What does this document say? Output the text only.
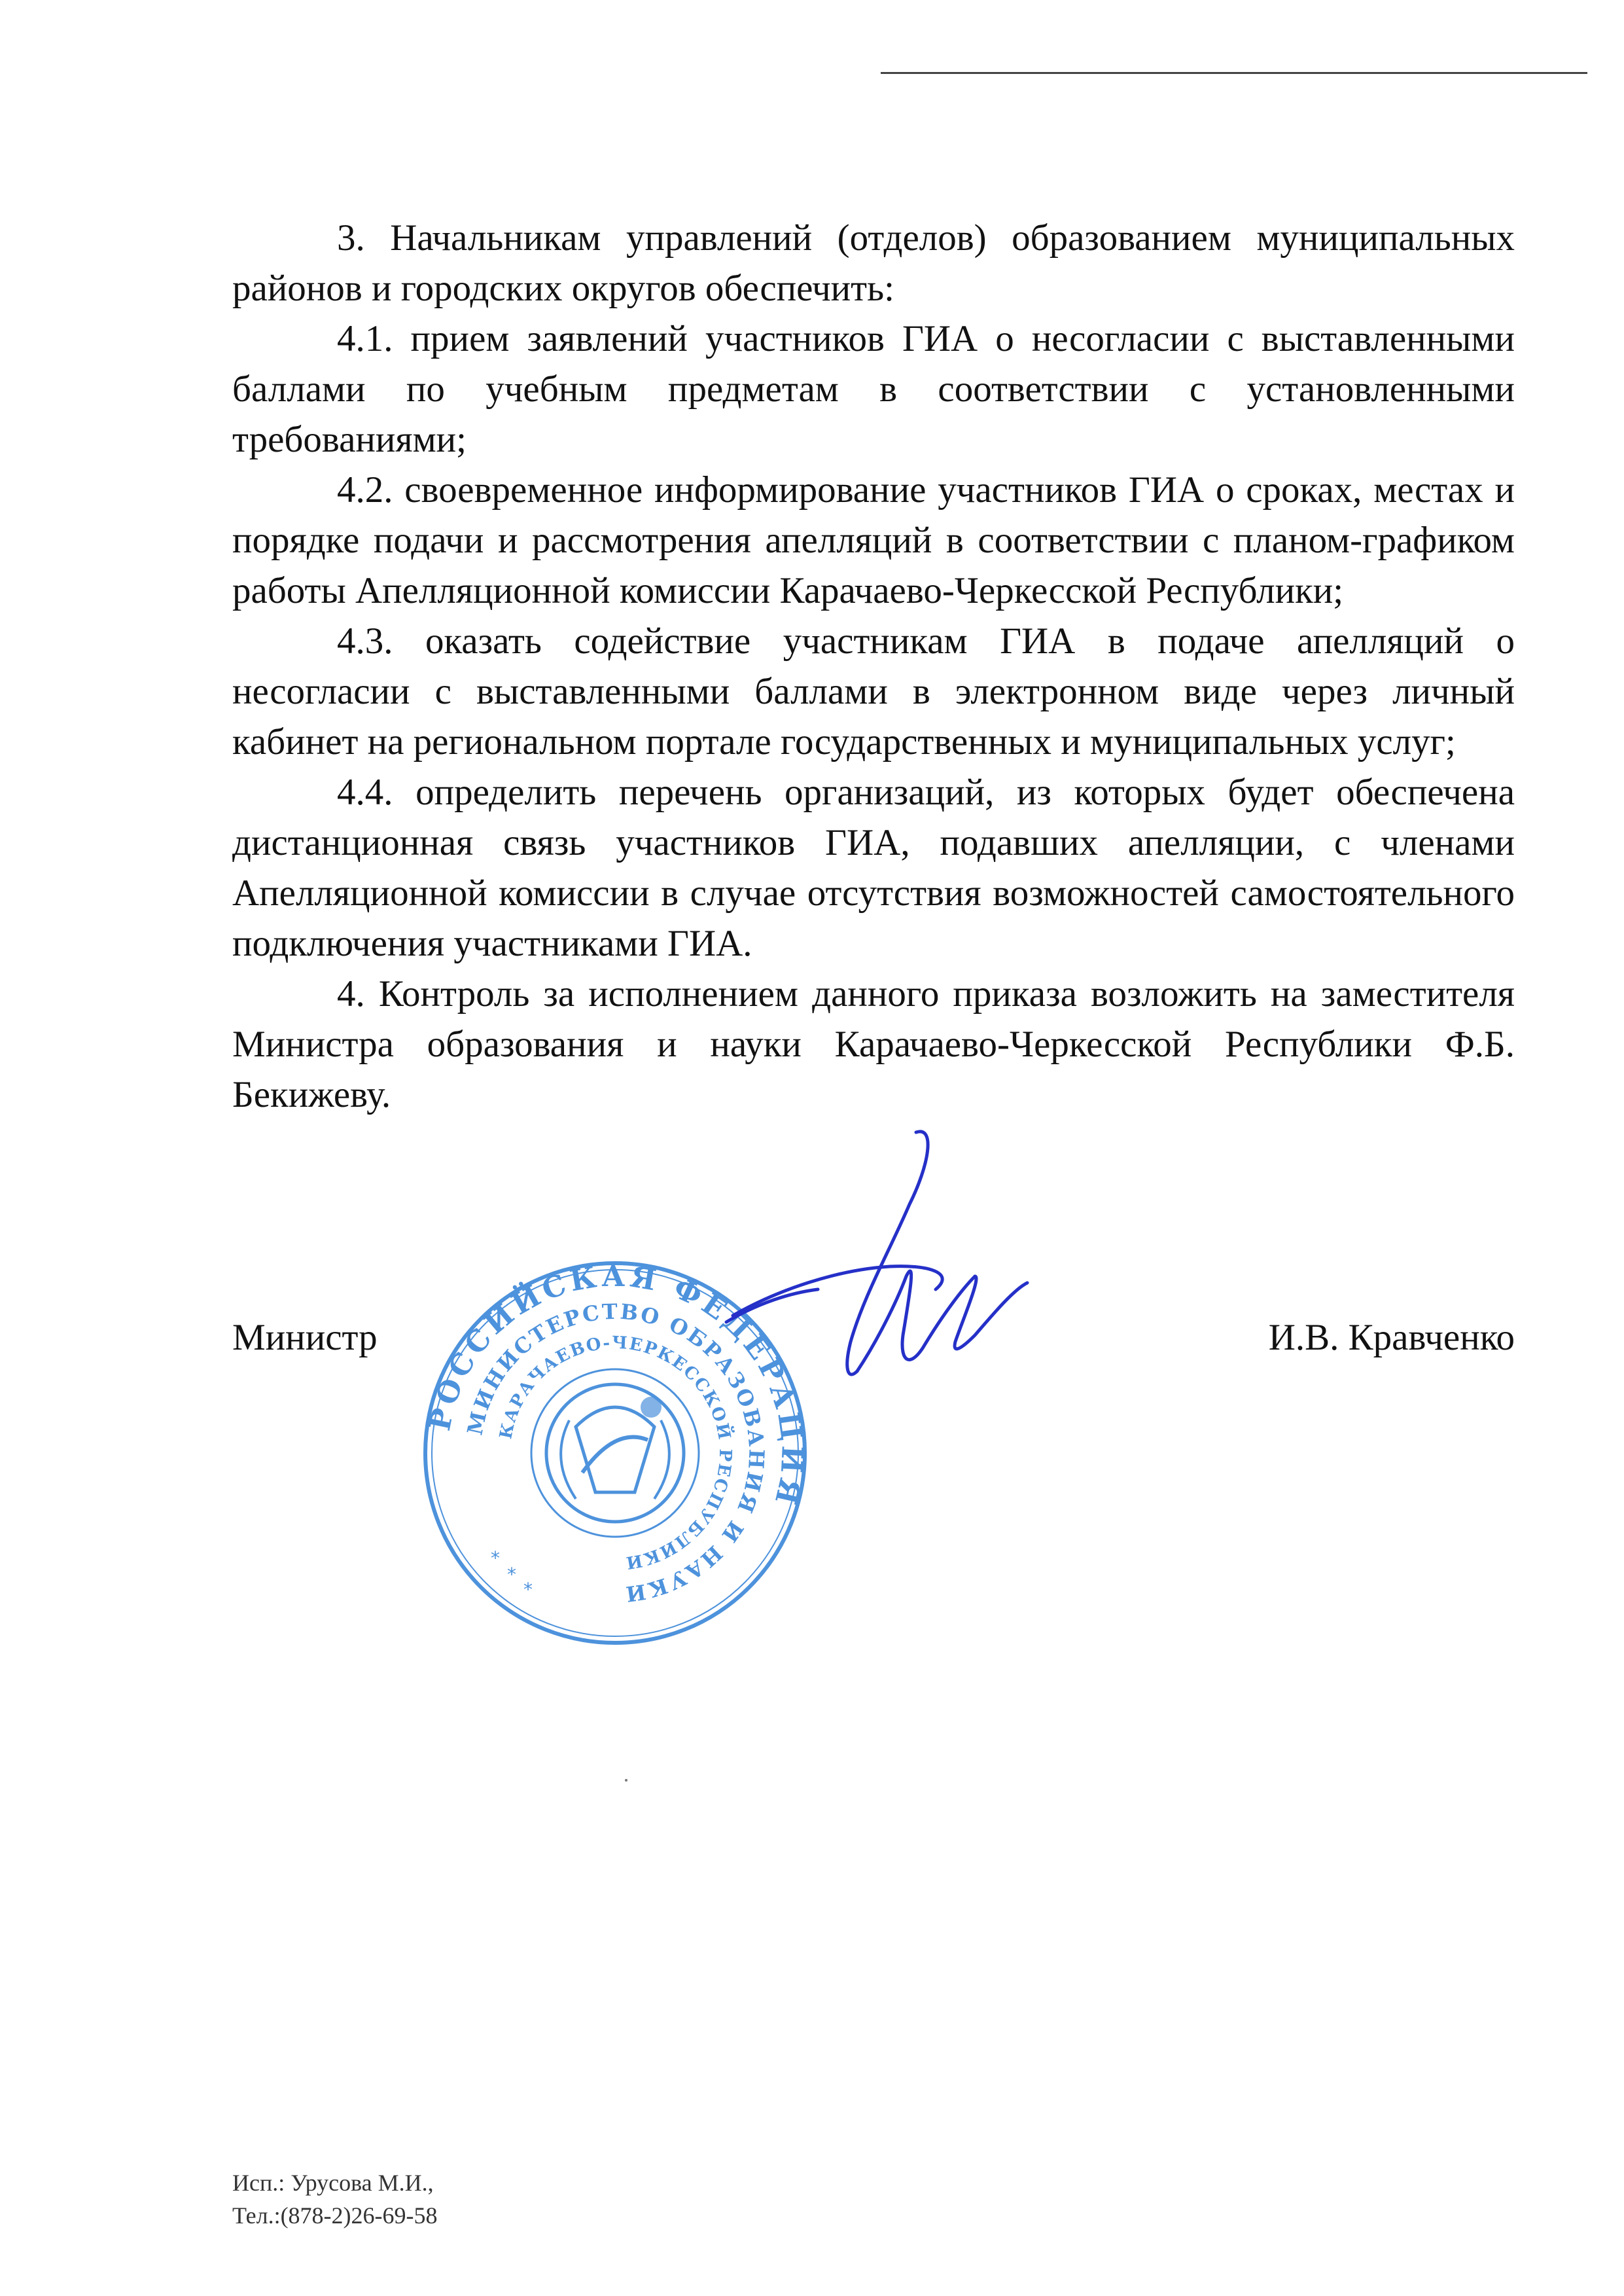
3. Начальникам управлений (отделов) образованием муниципальных районов и городских округов обеспечить:

4.1. прием заявлений участников ГИА о несогласии с выставленными баллами по учебным предметам в соответствии с установленными требованиями;

4.2. своевременное информирование участников ГИА о сроках, местах и порядке подачи и рассмотрения апелляций в соответствии с планом-графиком работы Апелляционной комиссии Карачаево-Черкесской Республики;

4.3. оказать содействие участникам ГИА в подаче апелляций о несогласии с выставленными баллами в электронном виде через личный кабинет на региональном портале государственных и муниципальных услуг;

4.4. определить перечень организаций, из которых будет обеспечена дистанционная связь участников ГИА, подавших апелляции, с членами Апелляционной комиссии в случае отсутствия возможностей самостоятельного подключения участниками ГИА.

4. Контроль за исполнением данного приказа возложить на заместителя Министра образования и науки Карачаево-Черкесской Республики Ф.Б. Бекижеву.

Министр	И.В. Кравченко
РОССИЙСКАЯ ФЕДЕРАЦИЯ
МИНИСТЕРСТВО ОБРАЗОВАНИЯ И НАУКИ
КАРАЧАЕВО-ЧЕРКЕССКОЙ РЕСПУБЛИКИ
*
*
*
Исп.: Урусова М.И.,
Тел.:(878-2)26-69-58
